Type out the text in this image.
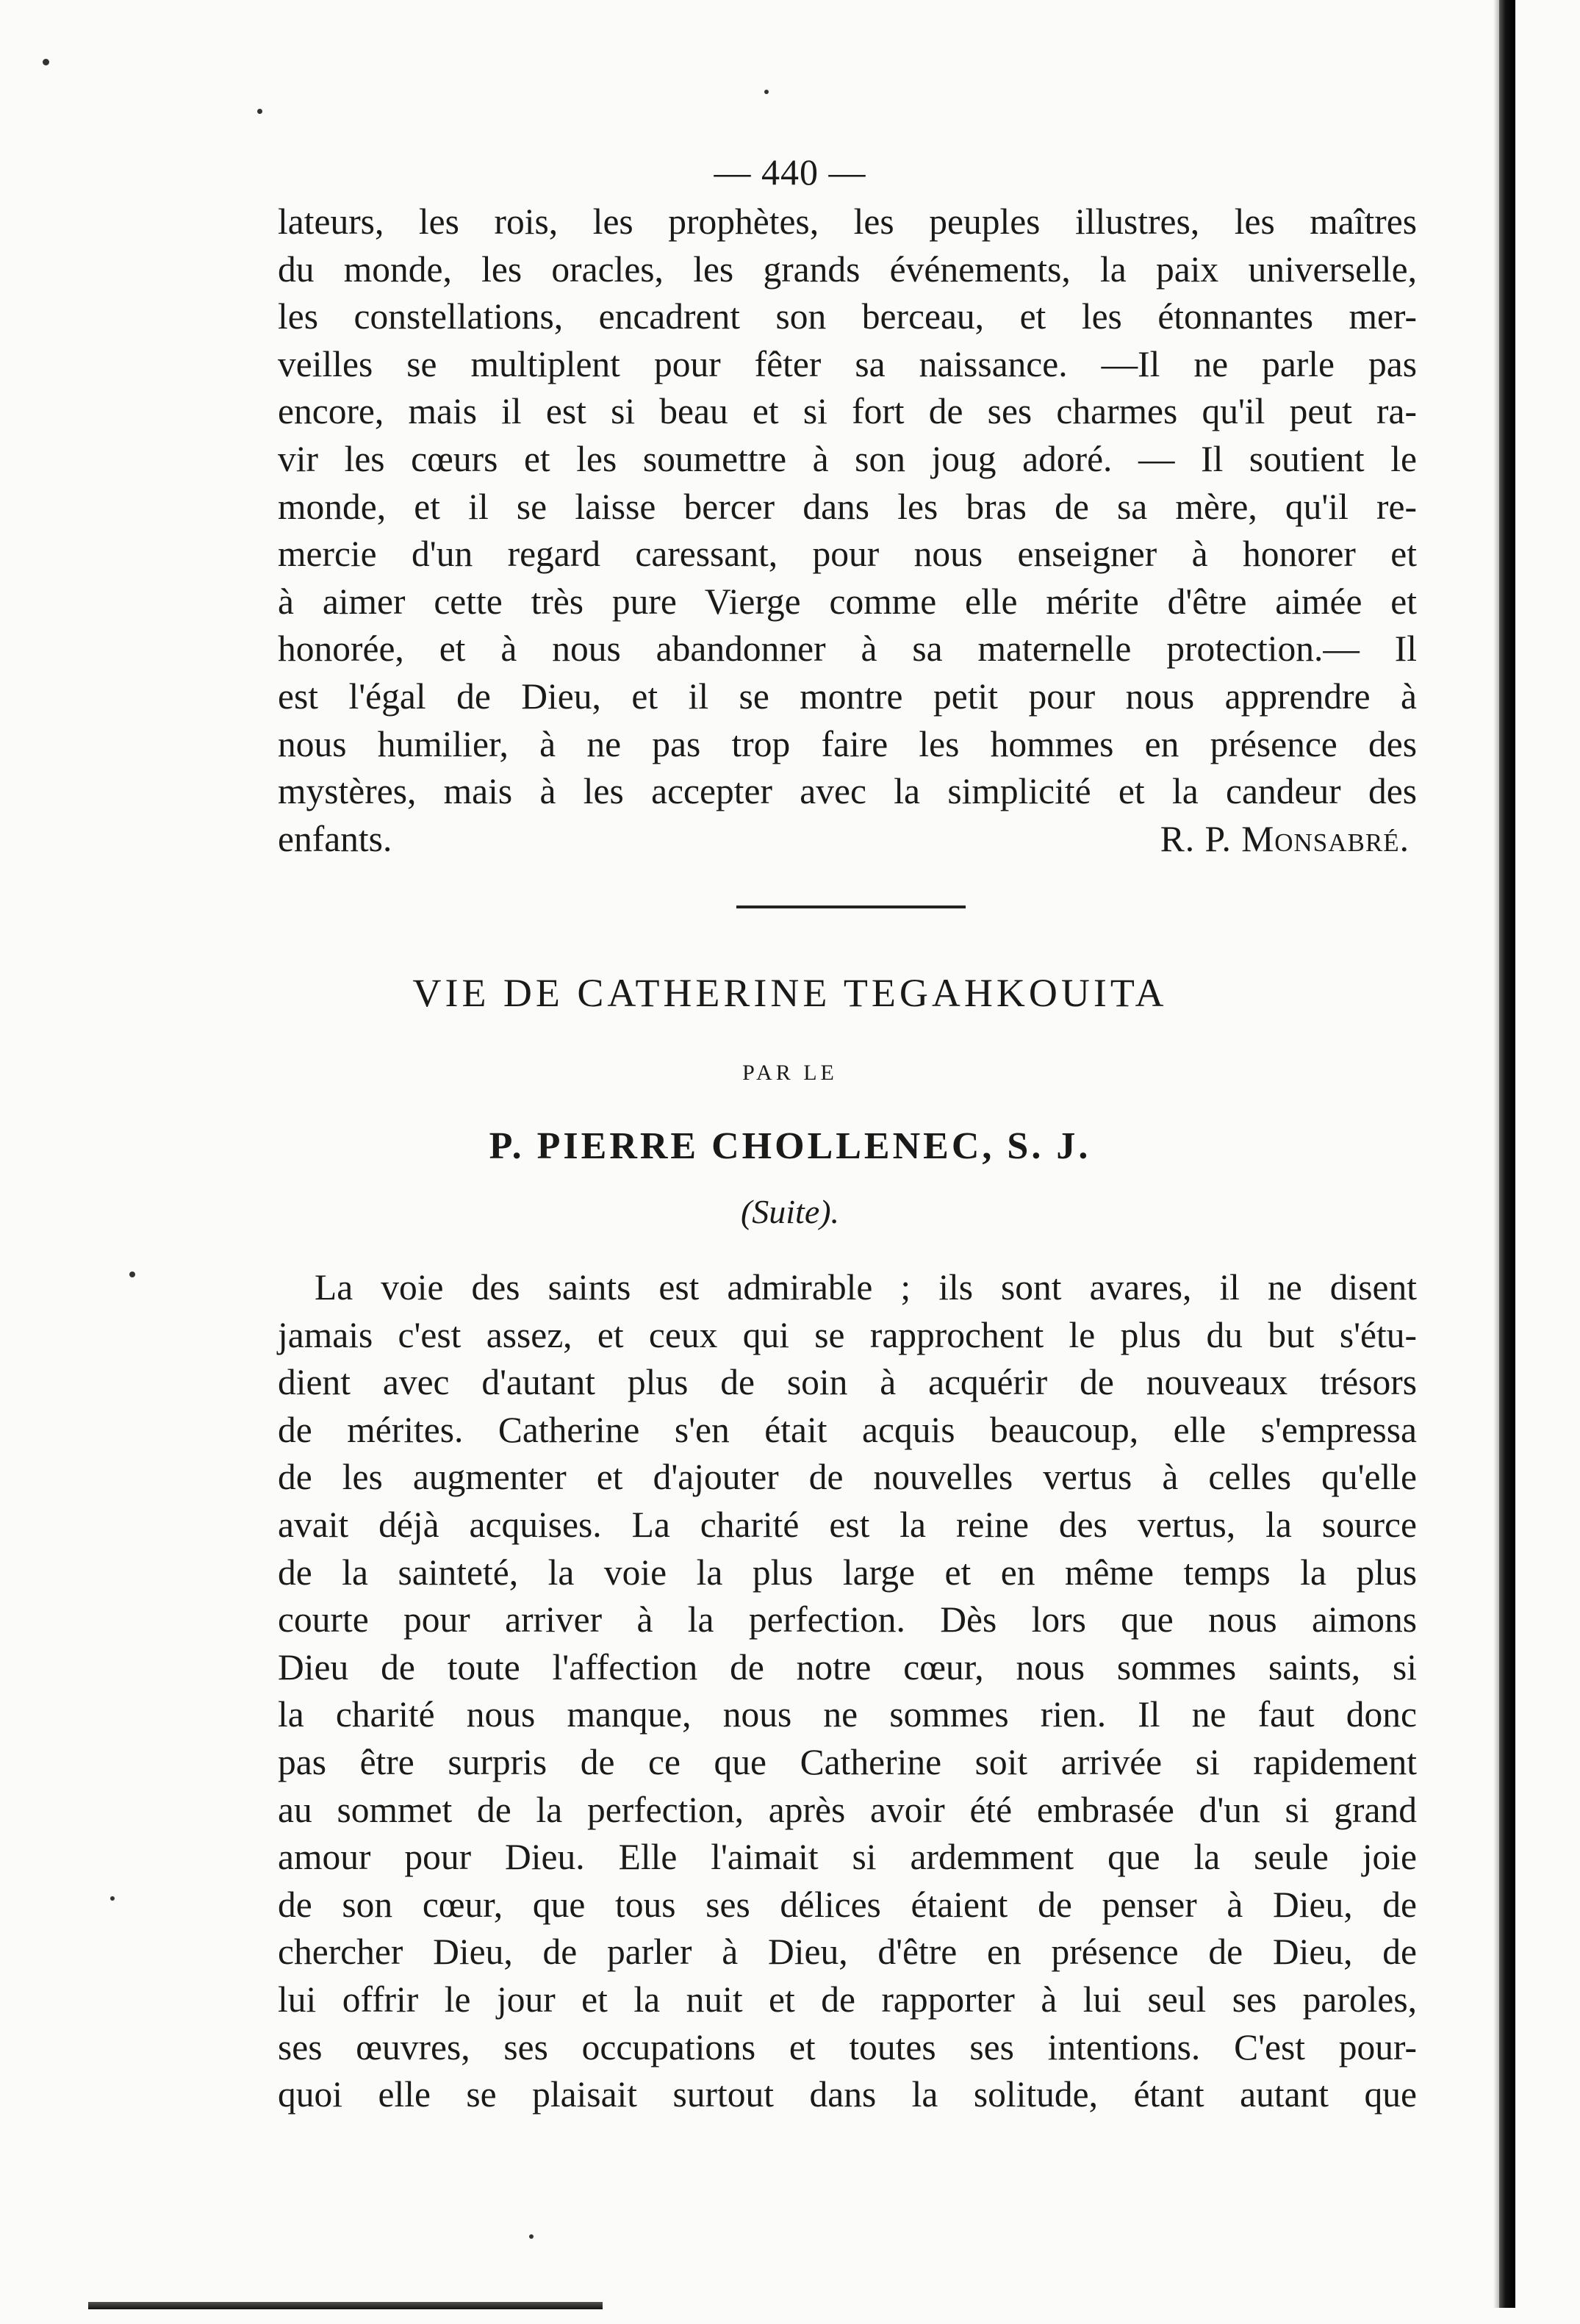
— 440 —
lateurs, les rois, les prophètes, les peuples illustres, les maîtres
du monde, les oracles, les grands événements, la paix universelle,
les constellations, encadrent son berceau, et les étonnantes mer-
veilles se multiplent pour fêter sa naissance. —Il ne parle pas
encore, mais il est si beau et si fort de ses charmes qu'il peut ra-
vir les cœurs et les soumettre à son joug adoré. — Il soutient le
monde, et il se laisse bercer dans les bras de sa mère, qu'il re-
mercie d'un regard caressant, pour nous enseigner à honorer et
à aimer cette très pure Vierge comme elle mérite d'être aimée et
honorée, et à nous abandonner à sa maternelle protection.— Il
est l'égal de Dieu, et il se montre petit pour nous apprendre à
nous humilier, à ne pas trop faire les hommes en présence des
mystères, mais à les accepter avec la simplicité et la candeur des
enfants.	R. P. Monsabré.
VIE DE CATHERINE TEGAHKOUITA
PAR LE
P. PIERRE CHOLLENEC, S. J.
(Suite).
La voie des saints est admirable ; ils sont avares, il ne disent
jamais c'est assez, et ceux qui se rapprochent le plus du but s'étu-
dient avec d'autant plus de soin à acquérir de nouveaux trésors
de mérites. Catherine s'en était acquis beaucoup, elle s'empressa
de les augmenter et d'ajouter de nouvelles vertus à celles qu'elle
avait déjà acquises. La charité est la reine des vertus, la source
de la sainteté, la voie la plus large et en même temps la plus
courte pour arriver à la perfection. Dès lors que nous aimons
Dieu de toute l'affection de notre cœur, nous sommes saints, si
la charité nous manque, nous ne sommes rien. Il ne faut donc
pas être surpris de ce que Catherine soit arrivée si rapidement
au sommet de la perfection, après avoir été embrasée d'un si grand
amour pour Dieu. Elle l'aimait si ardemment que la seule joie
de son cœur, que tous ses délices étaient de penser à Dieu, de
chercher Dieu, de parler à Dieu, d'être en présence de Dieu, de
lui offrir le jour et la nuit et de rapporter à lui seul ses paroles,
ses œuvres, ses occupations et toutes ses intentions. C'est pour-
quoi elle se plaisait surtout dans la solitude, étant autant que
